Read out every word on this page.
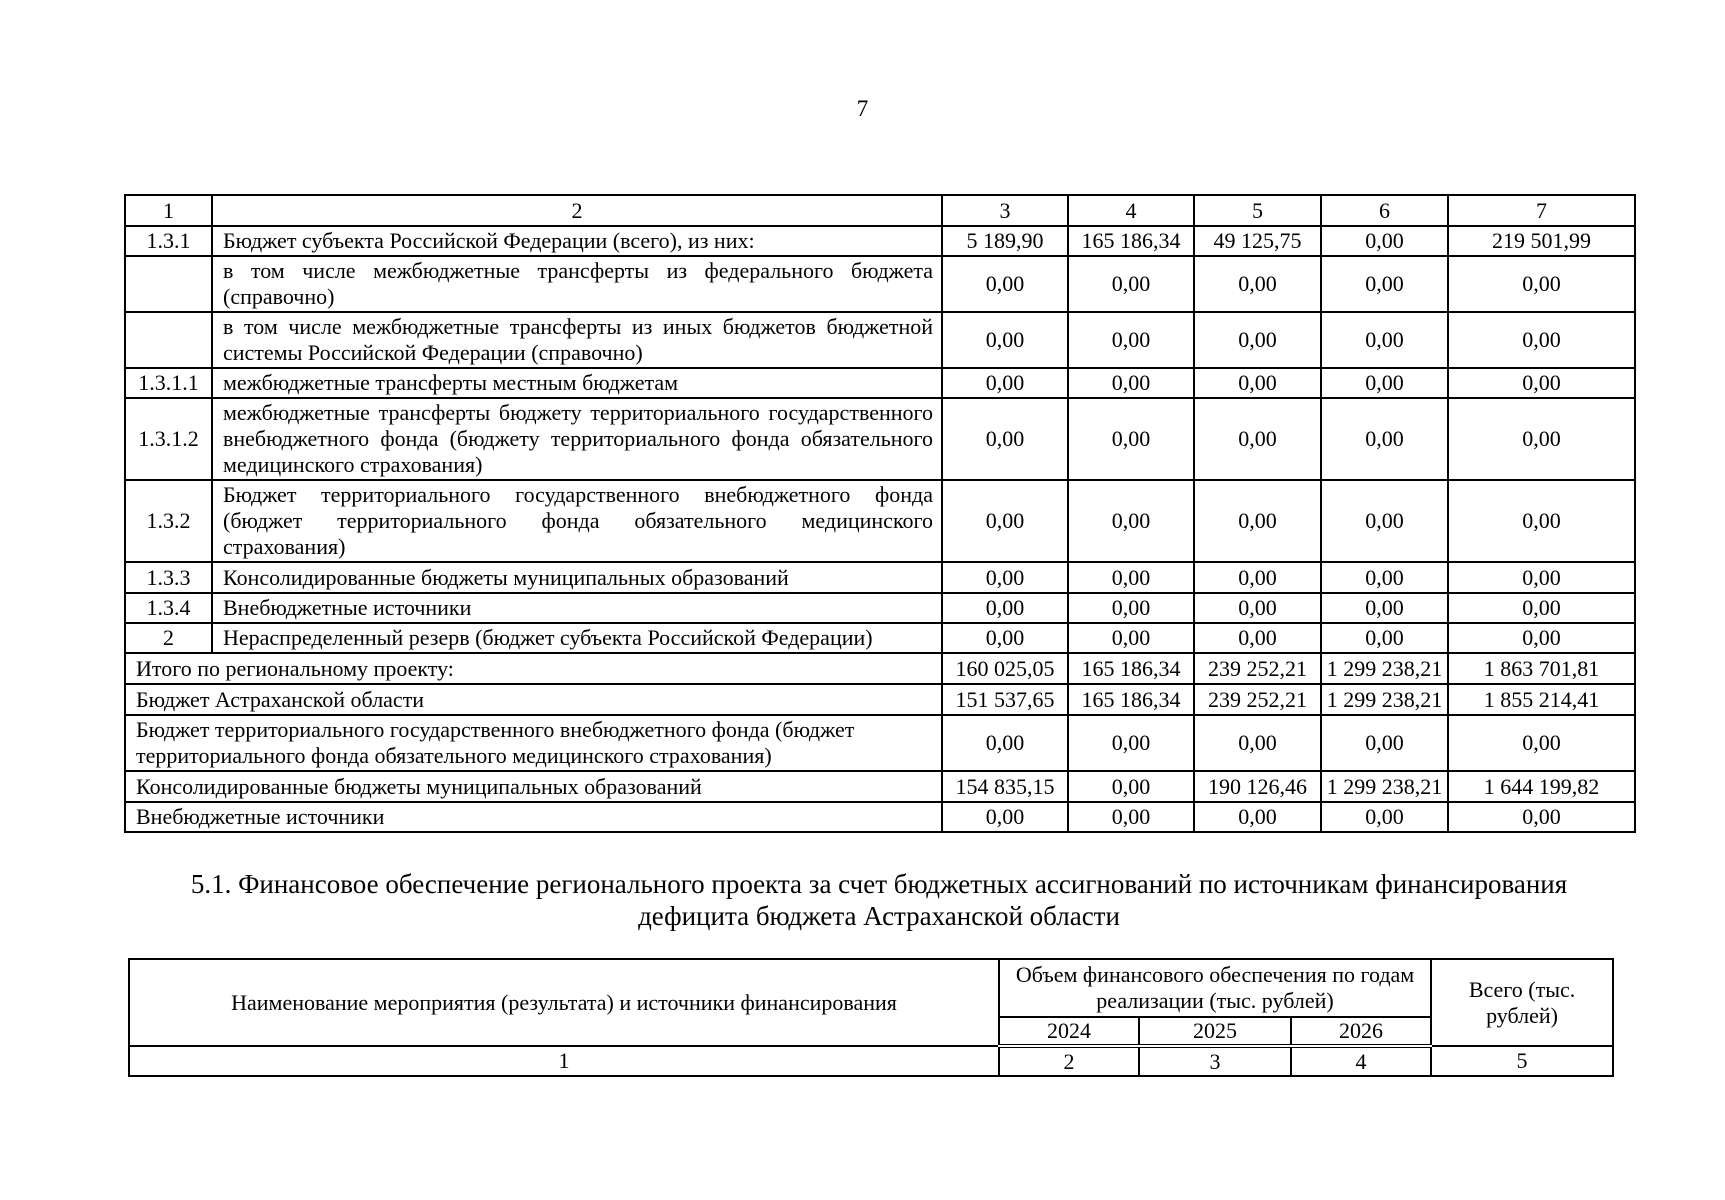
7
1	2	3	4	5	6	7
1.3.1	Бюджет субъекта Российской Федерации (всего), из них:	5 189,90	165 186,34	49 125,75	0,00	219 501,99
	в том числе межбюджетные трансферты из федерального бюджета (справочно)	0,00	0,00	0,00	0,00	0,00
	в том числе межбюджетные трансферты из иных бюджетов бюджетной системы Российской Федерации (справочно)	0,00	0,00	0,00	0,00	0,00
1.3.1.1	межбюджетные трансферты местным бюджетам	0,00	0,00	0,00	0,00	0,00
1.3.1.2	межбюджетные трансферты бюджету территориального государственного внебюджетного фонда (бюджету территориального фонда обязательного медицинского страхования)	0,00	0,00	0,00	0,00	0,00
1.3.2	Бюджет территориального государственного внебюджетного фонда (бюджет территориального фонда обязательного медицинского страхования)	0,00	0,00	0,00	0,00	0,00
1.3.3	Консолидированные бюджеты муниципальных образований	0,00	0,00	0,00	0,00	0,00
1.3.4	Внебюджетные источники	0,00	0,00	0,00	0,00	0,00
2	Нераспределенный резерв (бюджет субъекта Российской Федерации)	0,00	0,00	0,00	0,00	0,00
Итого по региональному проекту:		160 025,05	165 186,34	239 252,21	1 299 238,21	1 863 701,81
Бюджет Астраханской области		151 537,65	165 186,34	239 252,21	1 299 238,21	1 855 214,41
Бюджет территориального государственного внебюджетного фонда (бюджет территориального фонда обязательного медицинского страхования)		0,00	0,00	0,00	0,00	0,00
Консолидированные бюджеты муниципальных образований		154 835,15	0,00	190 126,46	1 299 238,21	1 644 199,82
Внебюджетные источники		0,00	0,00	0,00	0,00	0,00
5.1. Финансовое обеспечение регионального проекта за счет бюджетных ассигнований по источникам финансирования
дефицита бюджета Астраханской области
Наименование мероприятия (результата) и источники финансирования	Объем финансового обеспечения по годам реализации (тыс. рублей)			Всего (тыс. рублей)
	2024	2025	2026	
1	2	3	4	5
